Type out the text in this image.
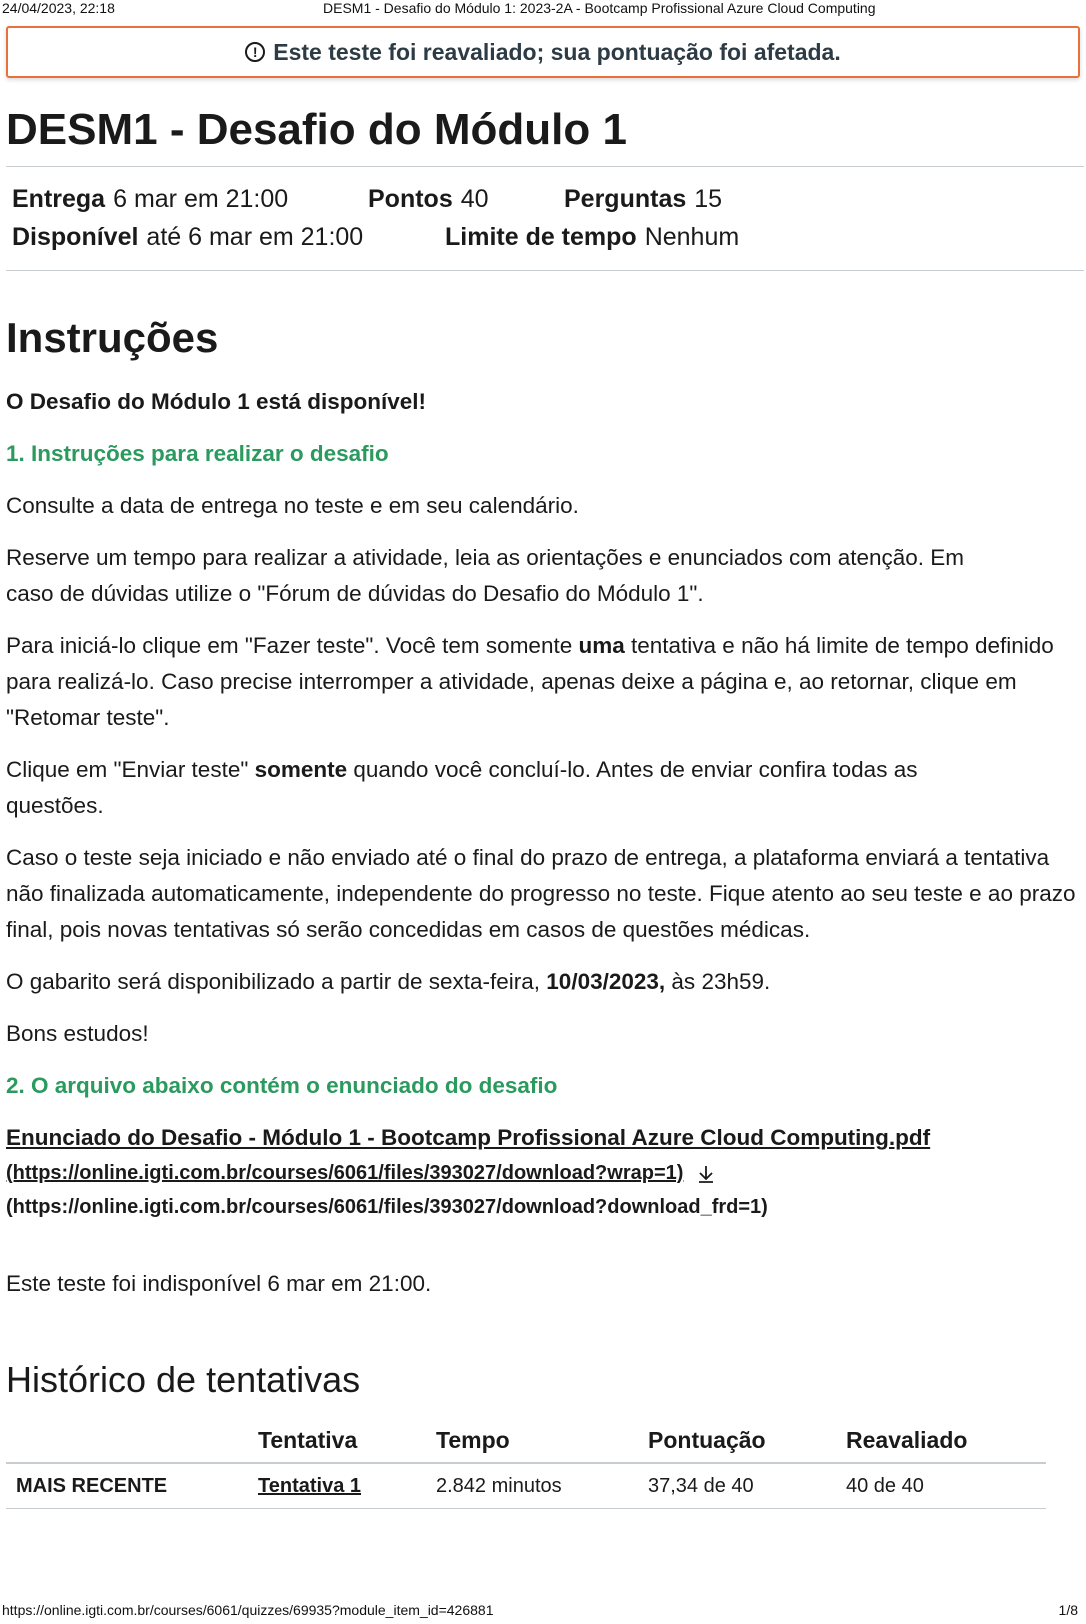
24/04/2023, 22:18	DESM1 - Desafio do Módulo 1: 2023-2A - Bootcamp Profissional Azure Cloud Computing
! Este teste foi reavaliado; sua pontuação foi afetada.
DESM1 - Desafio do Módulo 1
Entrega 6 mar em 21:00	Pontos 40	Perguntas 15
Disponível até 6 mar em 21:00	Limite de tempo Nenhum
Instruções

O Desafio do Módulo 1 está disponível!

1. Instruções para realizar o desafio

Consulte a data de entrega no teste e em seu calendário.

Reserve um tempo para realizar a atividade, leia as orientações e enunciados com atenção. Em caso de dúvidas utilize o "Fórum de dúvidas do Desafio do Módulo 1".

Para iniciá-lo clique em "Fazer teste". Você tem somente uma tentativa e não há limite de tempo definido para realizá-lo. Caso precise interromper a atividade, apenas deixe a página e, ao retornar, clique em "Retomar teste".

Clique em "Enviar teste" somente quando você concluí-lo. Antes de enviar confira todas as questões.

Caso o teste seja iniciado e não enviado até o final do prazo de entrega, a plataforma enviará a tentativa não finalizada automaticamente, independente do progresso no teste. Fique atento ao seu teste e ao prazo final, pois novas tentativas só serão concedidas em casos de questões médicas.

O gabarito será disponibilizado a partir de sexta-feira, 10/03/2023, às 23h59.

Bons estudos!

2. O arquivo abaixo contém o enunciado do desafio

Enunciado do Desafio - Módulo 1 - Bootcamp Profissional Azure Cloud Computing.pdf
(https://online.igti.com.br/courses/6061/files/393027/download?wrap=1)
(https://online.igti.com.br/courses/6061/files/393027/download?download_frd=1)
Este teste foi indisponível 6 mar em 21:00.
Histórico de tentativas
	Tentativa	Tempo	Pontuação	Reavaliado
MAIS RECENTE	Tentativa 1	2.842 minutos	37,34 de 40	40 de 40
https://online.igti.com.br/courses/6061/quizzes/69935?module_item_id=426881	1/8
